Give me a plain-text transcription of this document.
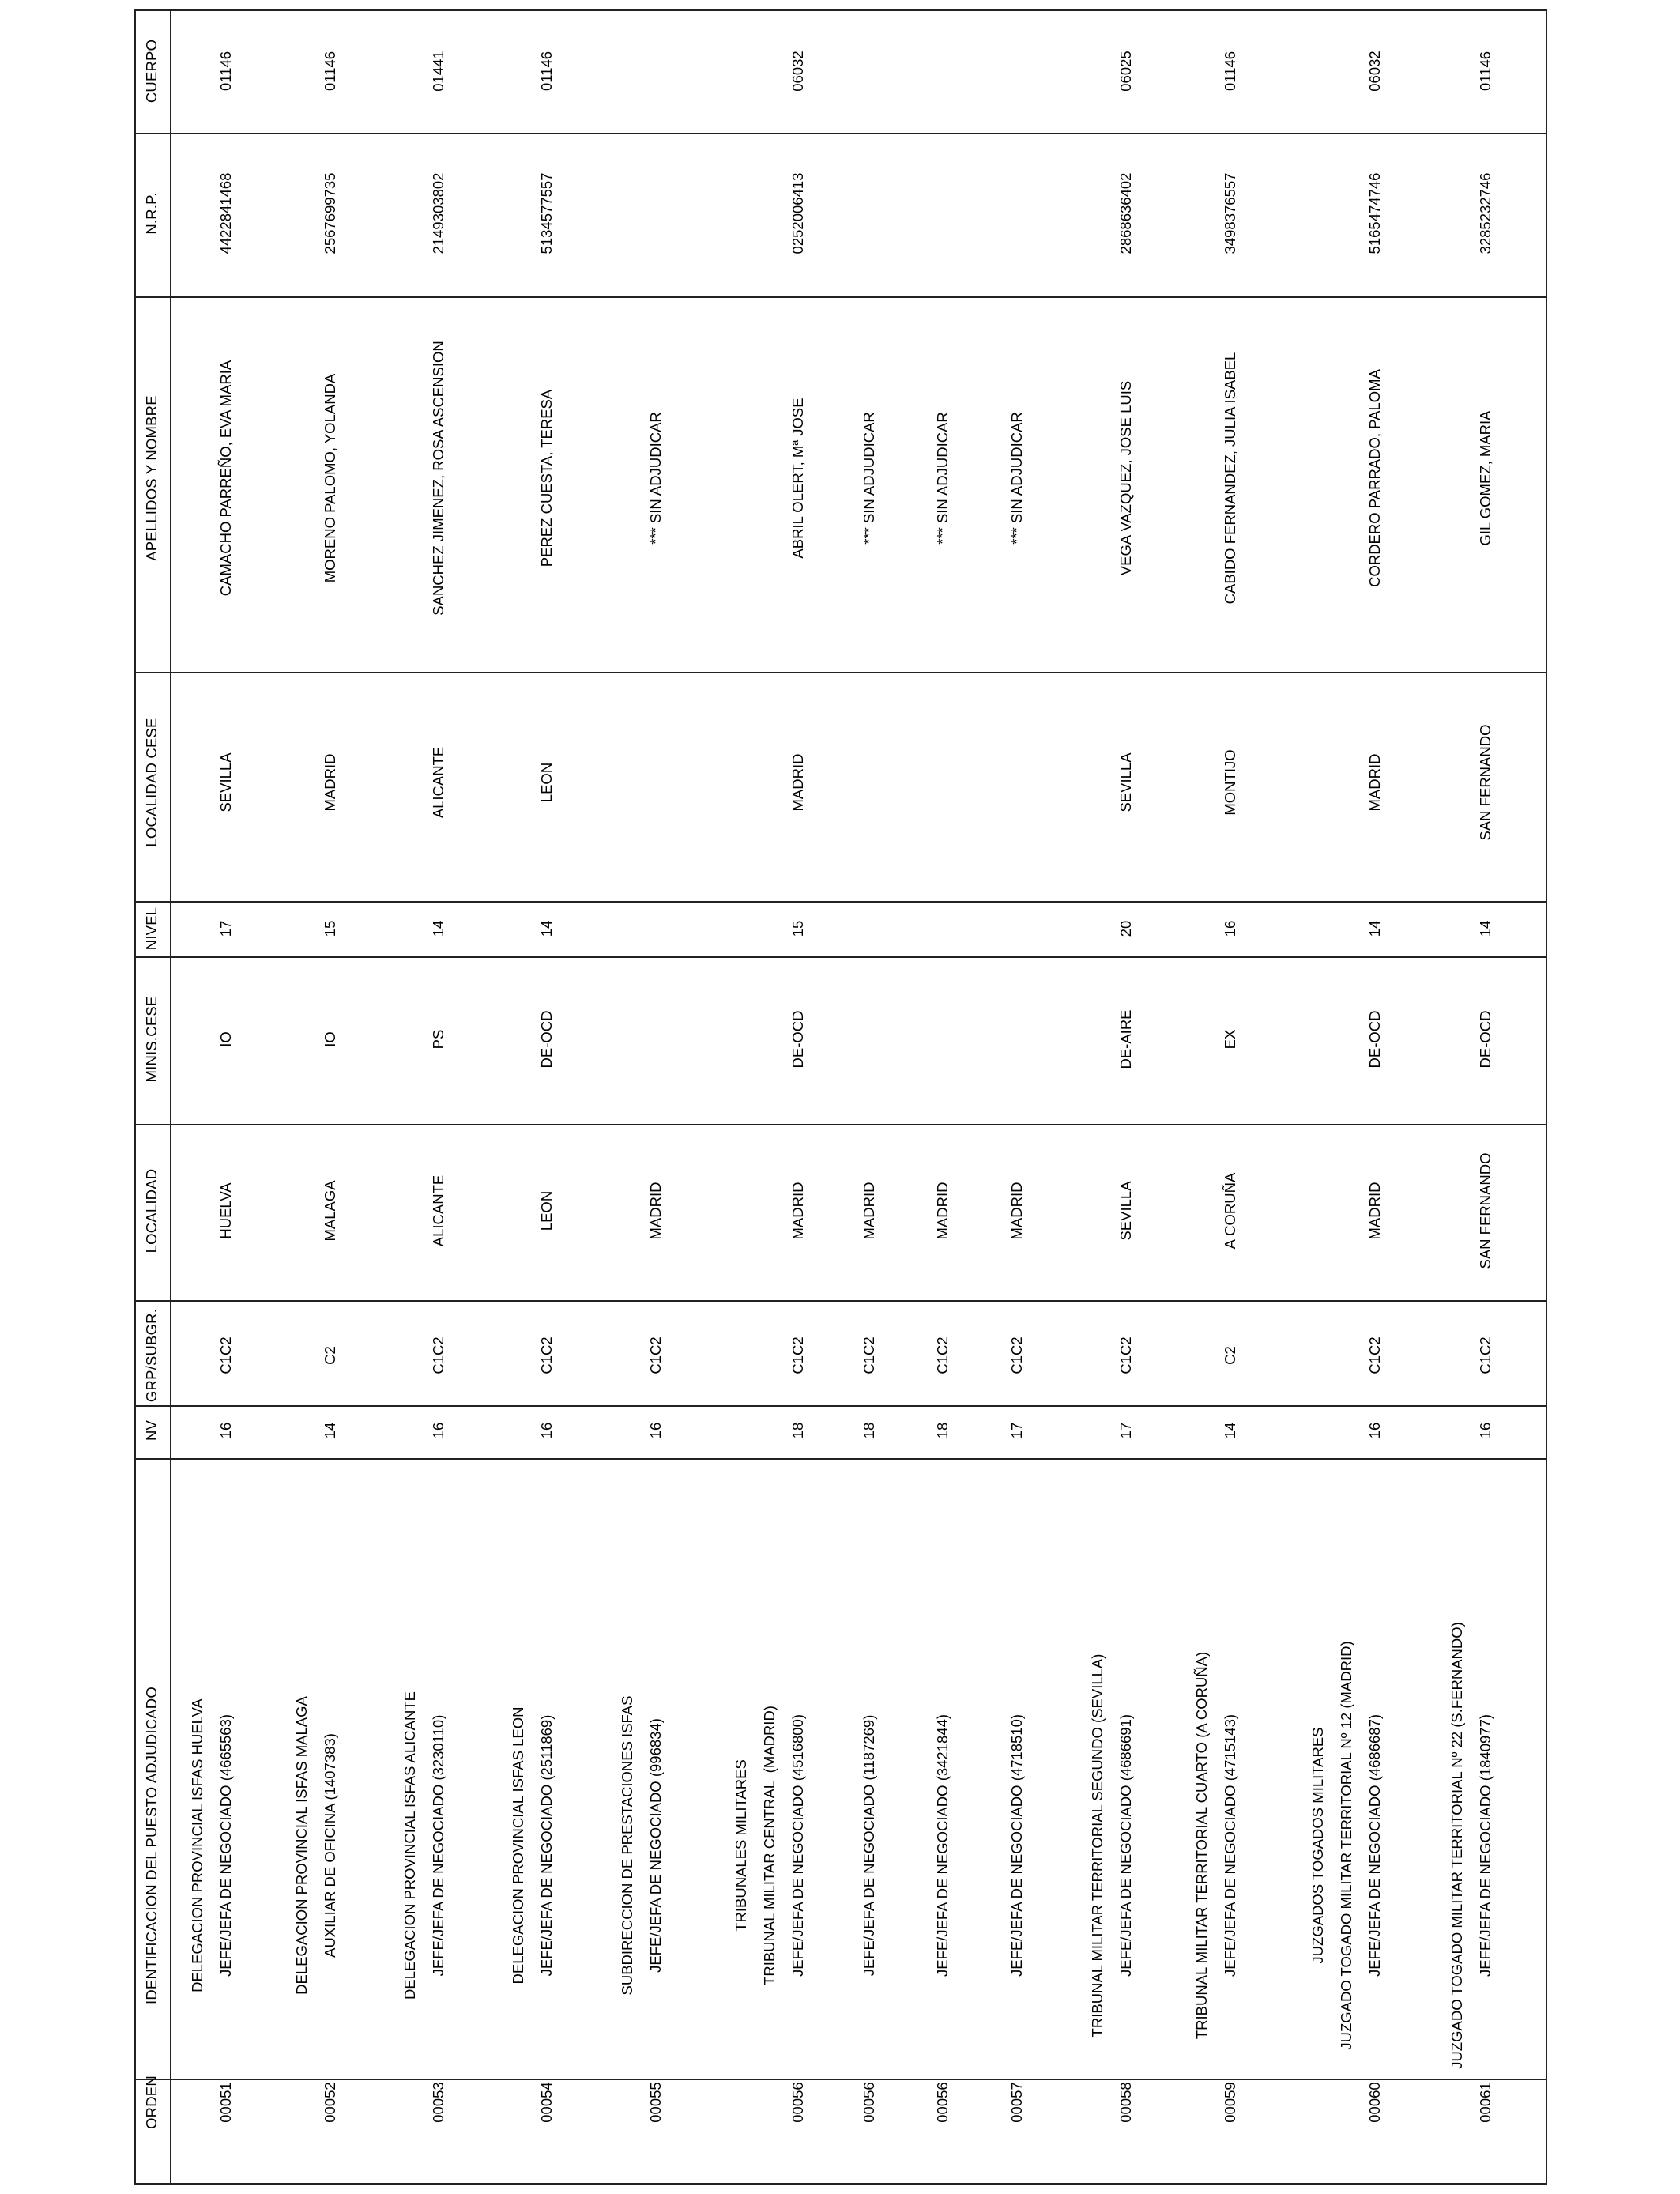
ORDEN
IDENTIFICACION DEL PUESTO ADJUDICADO
NV
GRP/SUBGR.
LOCALIDAD
MINIS.CESE
NIVEL
LOCALIDAD CESE
APELLIDOS Y NOMBRE
N.R.P.
CUERPO
00051
16
C1C2
HUELVA
IO
17
SEVILLA
CAMACHO PARREÑO, EVA MARIA
4422841468
01146
DELEGACION PROVINCIAL ISFAS HUELVA JEFE/JEFA DE NEGOCIADO (4665563)
00052
14
C2
MALAGA
IO
15
MADRID
MORENO PALOMO, YOLANDA
2567699735
01146
DELEGACION PROVINCIAL ISFAS MALAGA AUXILIAR DE OFICINA (1407383)
00053
16
C1C2
ALICANTE
PS
14
ALICANTE
SANCHEZ JIMENEZ, ROSA ASCENSION
2149303802
01441
DELEGACION PROVINCIAL ISFAS ALICANTE JEFE/JEFA DE NEGOCIADO (3230110)
00054
16
C1C2
LEON
DE-OCD
14
LEON
PEREZ CUESTA, TERESA
5134577557
01146
DELEGACION PROVINCIAL ISFAS LEON JEFE/JEFA DE NEGOCIADO (2511869)
00055
16
C1C2
MADRID
*** SIN ADJUDICAR
SUBDIRECCION DE PRESTACIONES ISFAS JEFE/JEFA DE NEGOCIADO (996834)
00056
18
C1C2
MADRID
DE-OCD
15
MADRID
ABRIL OLERT, Mª JOSE
0252006413
06032
TRIBUNALES MILITARES TRIBUNAL MILITAR CENTRAL  (MADRID) JEFE/JEFA DE NEGOCIADO (4516800)
00056
18
C1C2
MADRID
*** SIN ADJUDICAR
JEFE/JEFA DE NEGOCIADO (1187269)
00056
18
C1C2
MADRID
*** SIN ADJUDICAR
JEFE/JEFA DE NEGOCIADO (3421844)
00057
17
C1C2
MADRID
*** SIN ADJUDICAR
JEFE/JEFA DE NEGOCIADO (4718510)
00058
17
C1C2
SEVILLA
DE-AIRE
20
SEVILLA
VEGA VAZQUEZ, JOSE LUIS
2868636402
06025
TRIBUNAL MILITAR TERRITORIAL SEGUNDO (SEVILLA) JEFE/JEFA DE NEGOCIADO (4686691)
00059
14
C2
A CORUÑA
EX
16
MONTIJO
CABIDO FERNANDEZ, JULIA ISABEL
3498376557
01146
TRIBUNAL MILITAR TERRITORIAL CUARTO (A CORUÑA) JEFE/JEFA DE NEGOCIADO (4715143)
00060
16
C1C2
MADRID
DE-OCD
14
MADRID
CORDERO PARRADO, PALOMA
5165474746
06032
JUZGADOS TOGADOS MILITARES JUZGADO TOGADO MILITAR TERRITORIAL Nº 12 (MADRID) JEFE/JEFA DE NEGOCIADO (4686687)
00061
16
C1C2
SAN FERNANDO
DE-OCD
14
SAN FERNANDO
GIL GOMEZ, MARIA
3285232746
01146
JUZGADO TOGADO MILITAR TERRITORIAL Nº 22 (S.FERNANDO) JEFE/JEFA DE NEGOCIADO (1840977)
